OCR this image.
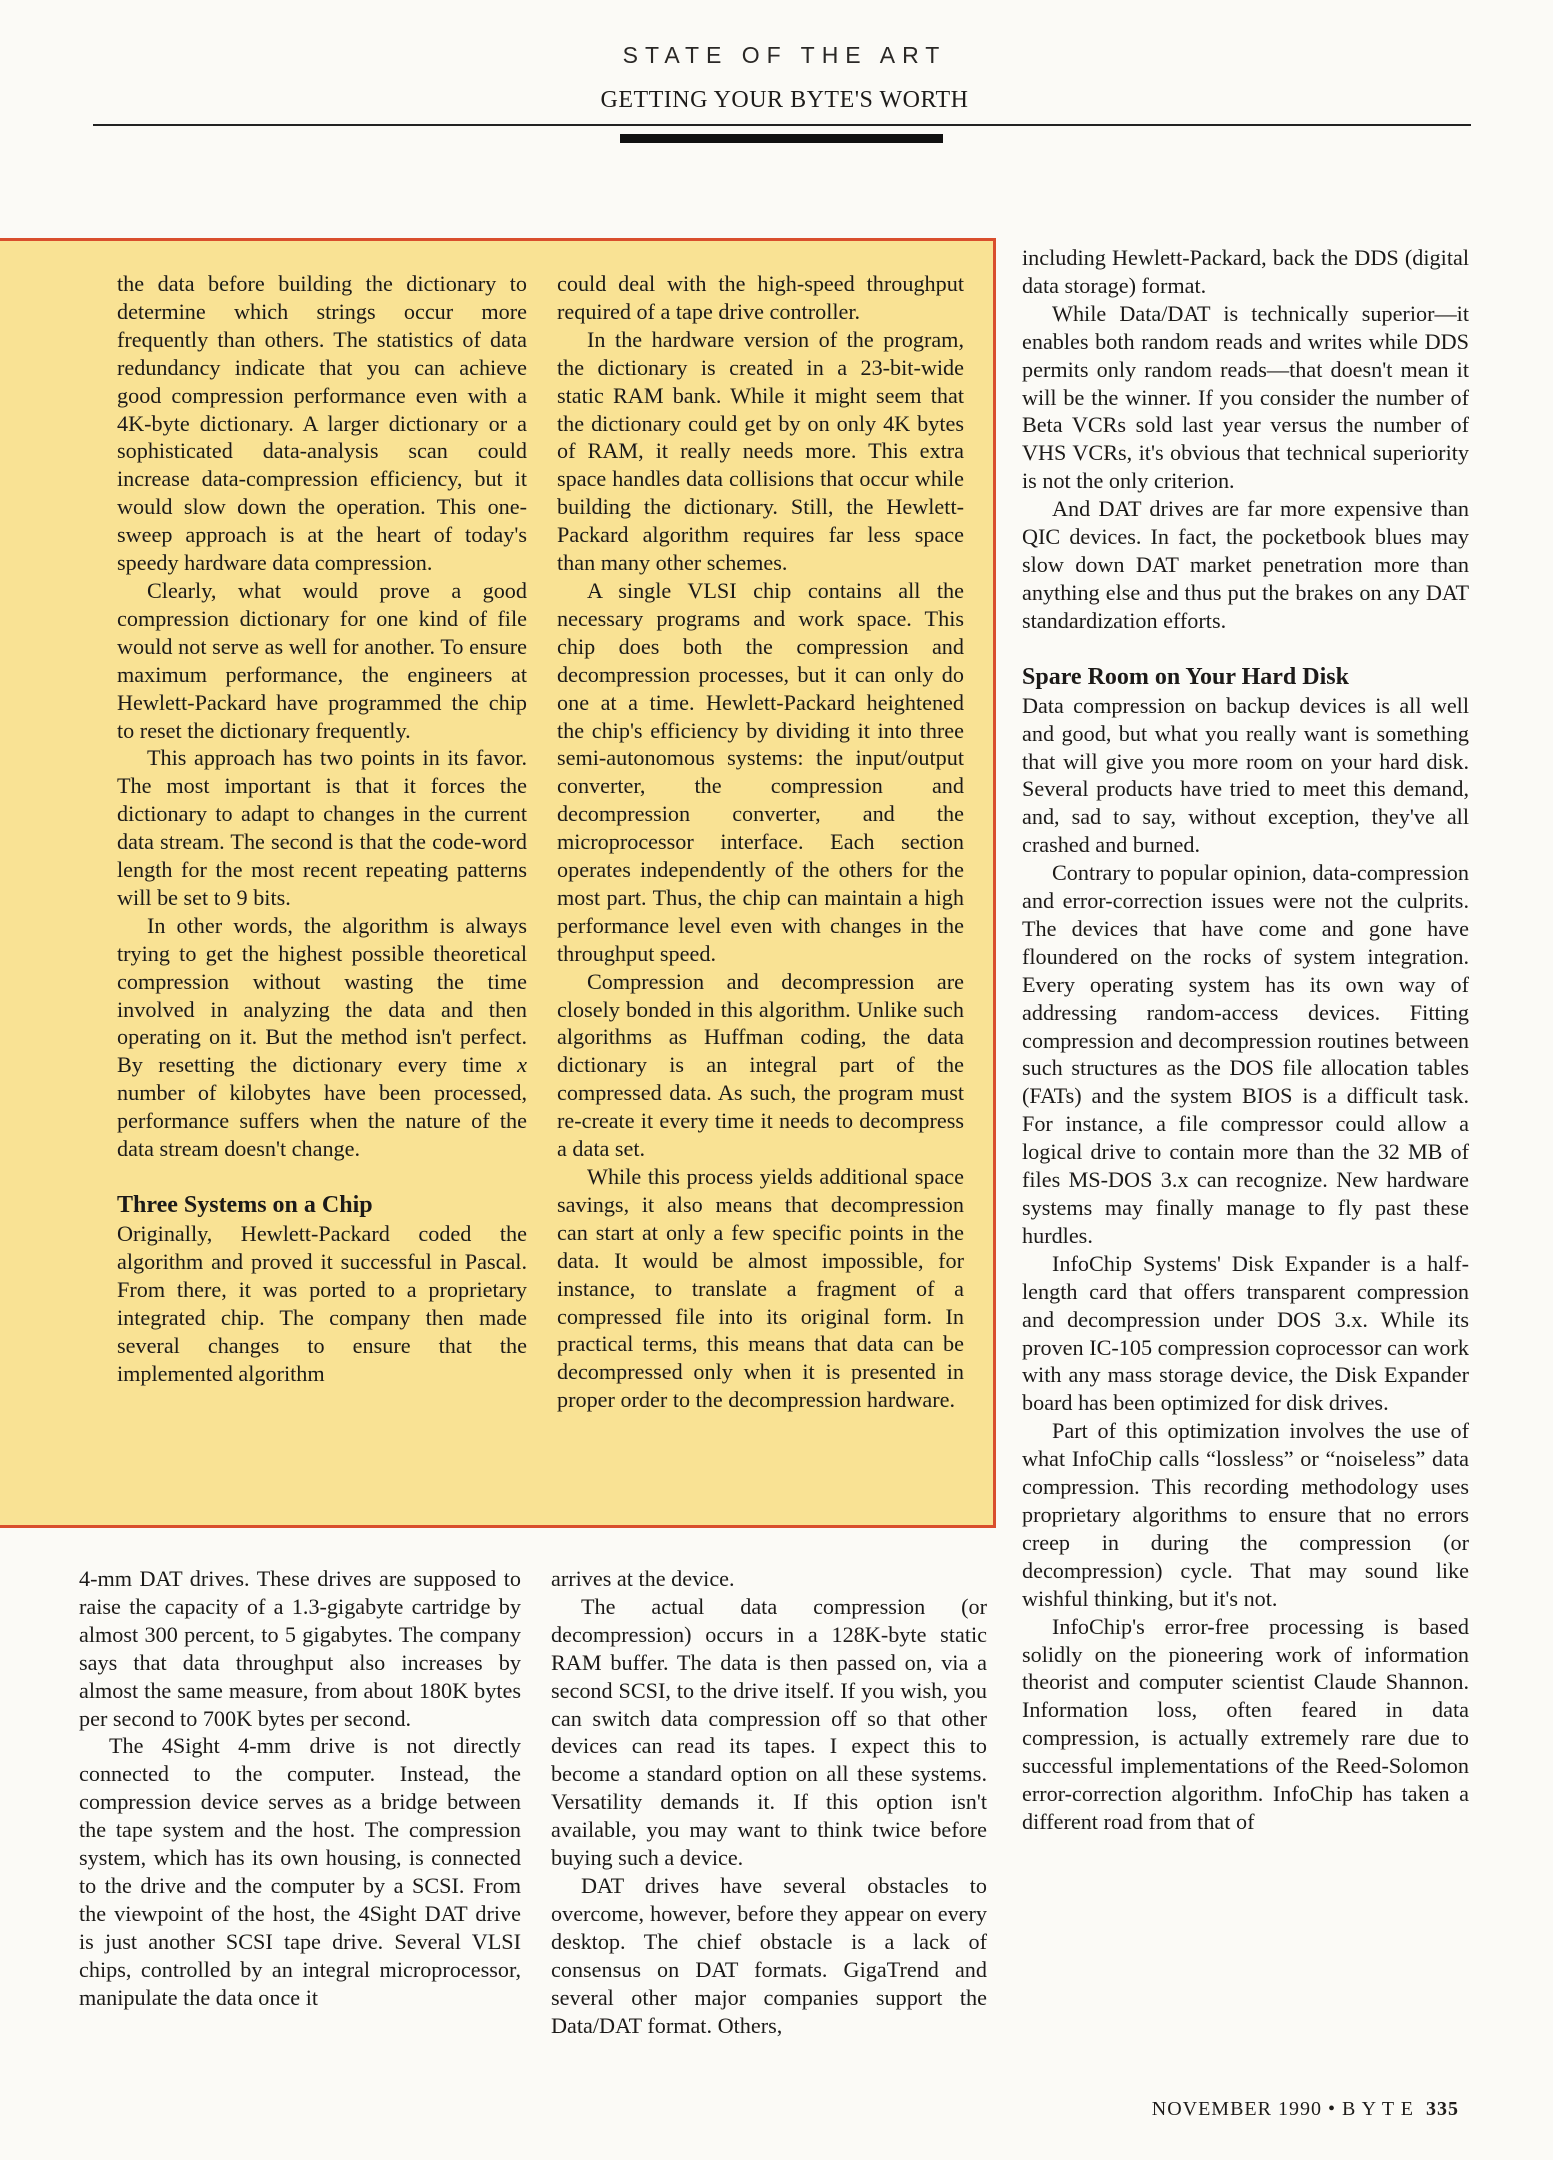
STATE OF THE ART
GETTING YOUR BYTE'S WORTH

the data before building the dictionary to determine which strings occur more frequently than others. The statistics of data redundancy indicate that you can achieve good compression performance even with a 4K-byte dictionary. A larger dictionary or a sophisticated data-analysis scan could increase data-compression efficiency, but it would slow down the operation. This one-sweep approach is at the heart of today's speedy hardware data compression.

Clearly, what would prove a good compression dictionary for one kind of file would not serve as well for another. To ensure maximum performance, the engineers at Hewlett-Packard have programmed the chip to reset the dictionary frequently.

This approach has two points in its favor. The most important is that it forces the dictionary to adapt to changes in the current data stream. The second is that the code-word length for the most recent repeating patterns will be set to 9 bits.

In other words, the algorithm is always trying to get the highest possible theoretical compression without wasting the time involved in analyzing the data and then operating on it. But the method isn't perfect. By resetting the dictionary every time x number of kilobytes have been processed, performance suffers when the nature of the data stream doesn't change.

Three Systems on a Chip

Originally, Hewlett-Packard coded the algorithm and proved it successful in Pascal. From there, it was ported to a proprietary integrated chip. The company then made several changes to ensure that the implemented algorithm

could deal with the high-speed throughput required of a tape drive controller.

In the hardware version of the program, the dictionary is created in a 23-bit-wide static RAM bank. While it might seem that the dictionary could get by on only 4K bytes of RAM, it really needs more. This extra space handles data collisions that occur while building the dictionary. Still, the Hewlett-Packard algorithm requires far less space than many other schemes.

A single VLSI chip contains all the necessary programs and work space. This chip does both the compression and decompression processes, but it can only do one at a time. Hewlett-Packard heightened the chip's efficiency by dividing it into three semi-autonomous systems: the input/output converter, the compression and decompression converter, and the microprocessor interface. Each section operates independently of the others for the most part. Thus, the chip can maintain a high performance level even with changes in the throughput speed.

Compression and decompression are closely bonded in this algorithm. Unlike such algorithms as Huffman coding, the data dictionary is an integral part of the compressed data. As such, the program must re-create it every time it needs to decompress a data set.

While this process yields additional space savings, it also means that decompression can start at only a few specific points in the data. It would be almost impossible, for instance, to translate a fragment of a compressed file into its original form. In practical terms, this means that data can be decompressed only when it is presented in proper order to the decompression hardware.

including Hewlett-Packard, back the DDS (digital data storage) format.

While Data/DAT is technically superior—it enables both random reads and writes while DDS permits only random reads—that doesn't mean it will be the winner. If you consider the number of Beta VCRs sold last year versus the number of VHS VCRs, it's obvious that technical superiority is not the only criterion.

And DAT drives are far more expensive than QIC devices. In fact, the pocketbook blues may slow down DAT market penetration more than anything else and thus put the brakes on any DAT standardization efforts.

Spare Room on Your Hard Disk

Data compression on backup devices is all well and good, but what you really want is something that will give you more room on your hard disk. Several products have tried to meet this demand, and, sad to say, without exception, they've all crashed and burned.

Contrary to popular opinion, data-compression and error-correction issues were not the culprits. The devices that have come and gone have floundered on the rocks of system integration. Every operating system has its own way of addressing random-access devices. Fitting compression and decompression routines between such structures as the DOS file allocation tables (FATs) and the system BIOS is a difficult task. For instance, a file compressor could allow a logical drive to contain more than the 32 MB of files MS-DOS 3.x can recognize. New hardware systems may finally manage to fly past these hurdles.

InfoChip Systems' Disk Expander is a half-length card that offers transparent compression and decompression under DOS 3.x. While its proven IC-105 compression coprocessor can work with any mass storage device, the Disk Expander board has been optimized for disk drives.

Part of this optimization involves the use of what InfoChip calls “lossless” or “noiseless” data compression. This recording methodology uses proprietary algorithms to ensure that no errors creep in during the compression (or decompression) cycle. That may sound like wishful thinking, but it's not.

InfoChip's error-free processing is based solidly on the pioneering work of information theorist and computer scientist Claude Shannon. Information loss, often feared in data compression, is actually extremely rare due to successful implementations of the Reed-Solomon error-correction algorithm. InfoChip has taken a different road from that of

4-mm DAT drives. These drives are supposed to raise the capacity of a 1.3-gigabyte cartridge by almost 300 percent, to 5 gigabytes. The company says that data throughput also increases by almost the same measure, from about 180K bytes per second to 700K bytes per second.

The 4Sight 4-mm drive is not directly connected to the computer. Instead, the compression device serves as a bridge between the tape system and the host. The compression system, which has its own housing, is connected to the drive and the computer by a SCSI. From the viewpoint of the host, the 4Sight DAT drive is just another SCSI tape drive. Several VLSI chips, controlled by an integral microprocessor, manipulate the data once it

arrives at the device.

The actual data compression (or decompression) occurs in a 128K-byte static RAM buffer. The data is then passed on, via a second SCSI, to the drive itself. If you wish, you can switch data compression off so that other devices can read its tapes. I expect this to become a standard option on all these systems. Versatility demands it. If this option isn't available, you may want to think twice before buying such a device.

DAT drives have several obstacles to overcome, however, before they appear on every desktop. The chief obstacle is a lack of consensus on DAT formats. GigaTrend and several other major companies support the Data/DAT format. Others,

NOVEMBER 1990 • B Y T E 335
